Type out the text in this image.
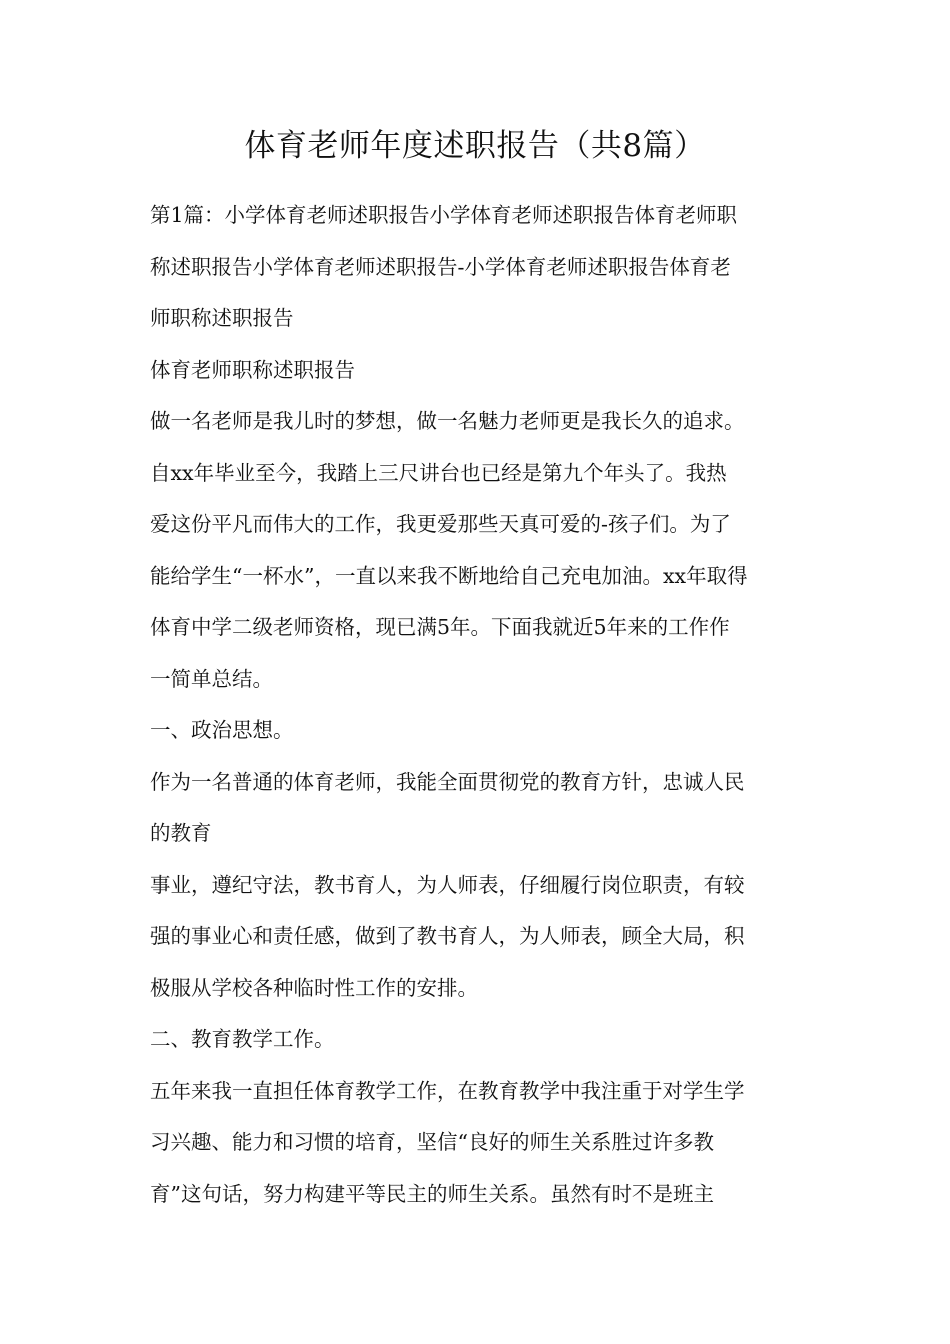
体育老师年度述职报告（共8篇）

第1篇：小学体育老师述职报告小学体育老师述职报告体育老师职

称述职报告小学体育老师述职报告-小学体育老师述职报告体育老

师职称述职报告

体育老师职称述职报告

做一名老师是我儿时的梦想，做一名魅力老师更是我长久的追求。

自xx年毕业至今，我踏上三尺讲台也已经是第九个年头了。我热

爱这份平凡而伟大的工作，我更爱那些天真可爱的-孩子们。为了

能给学生“一杯水”，一直以来我不断地给自己充电加油。xx年取得

体育中学二级老师资格，现已满5年。下面我就近5年来的工作作

一简单总结。

一、政治思想。

作为一名普通的体育老师，我能全面贯彻党的教育方针，忠诚人民

的教育

事业，遵纪守法，教书育人，为人师表，仔细履行岗位职责，有较

强的事业心和责任感，做到了教书育人，为人师表，顾全大局，积

极服从学校各种临时性工作的安排。

二、教育教学工作。

五年来我一直担任体育教学工作，在教育教学中我注重于对学生学

习兴趣、能力和习惯的培育，坚信“良好的师生关系胜过许多教

育”这句话，努力构建平等民主的师生关系。虽然有时不是班主
